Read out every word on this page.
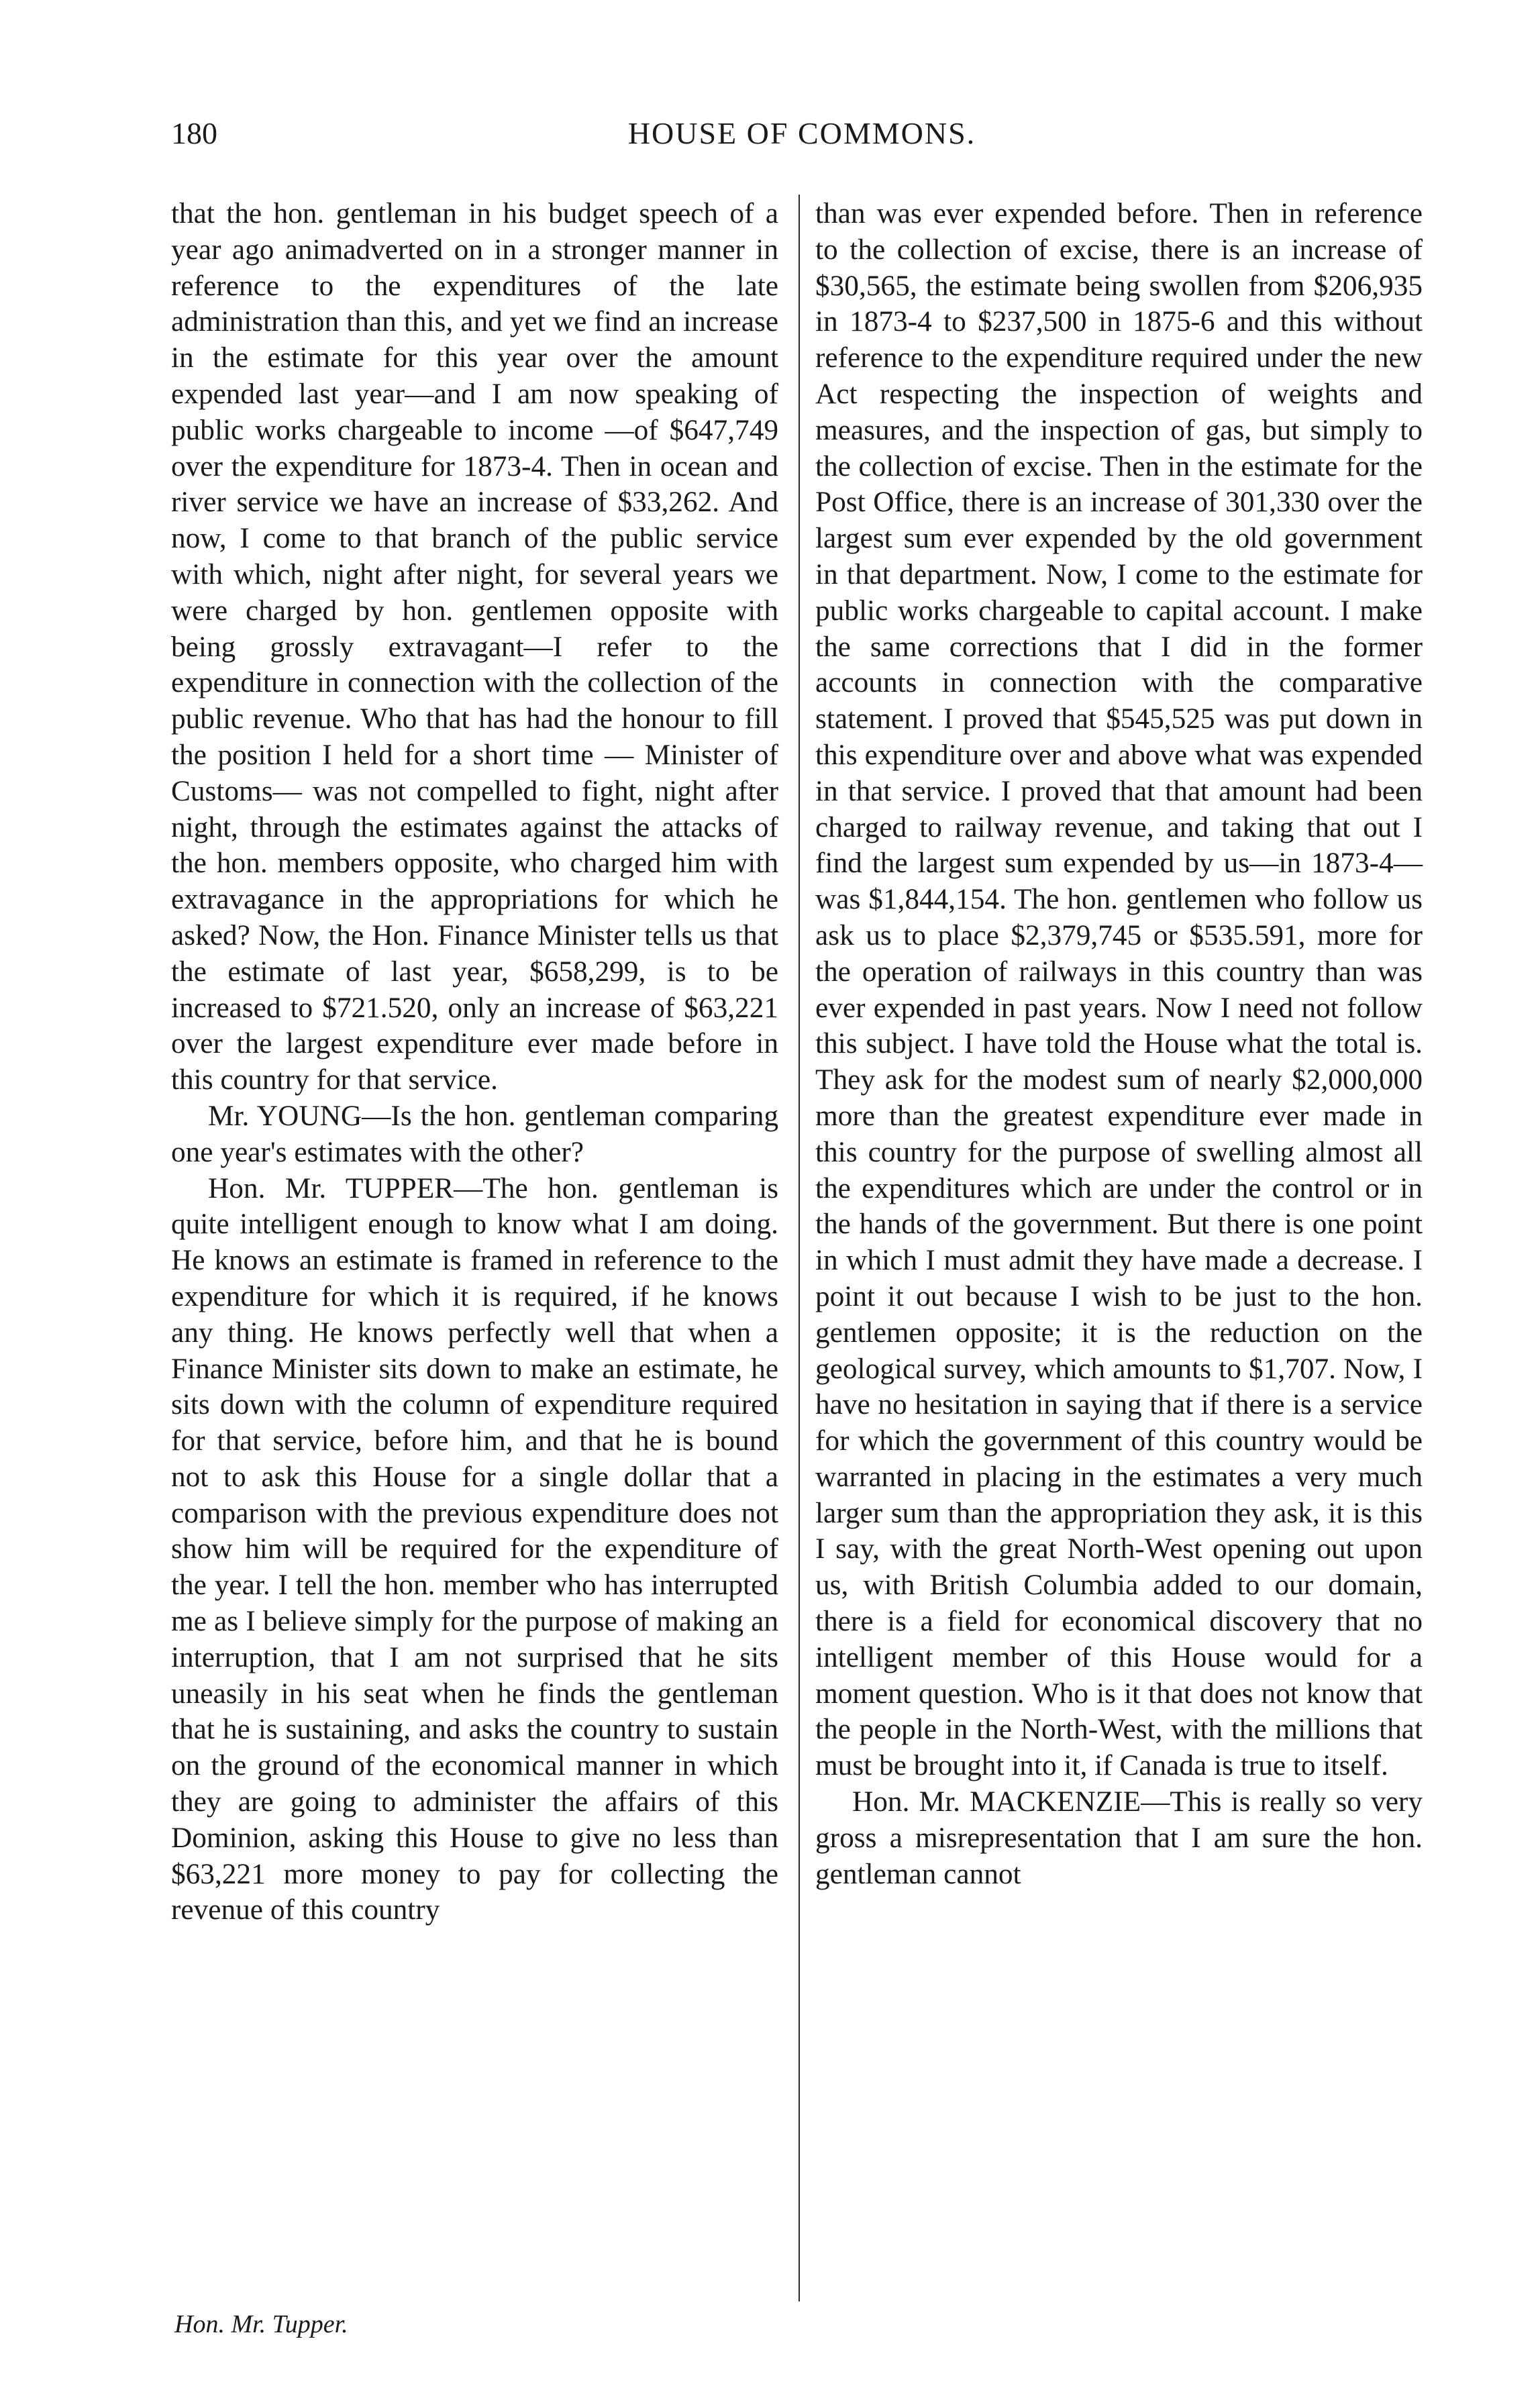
180	HOUSE OF COMMONS.

that the hon. gentleman in his budget speech of a year ago animadverted on in a stronger manner in reference to the expenditures of the late administration than this, and yet we find an increase in the estimate for this year over the amount expended last year—and I am now speaking of public works chargeable to income —of $647,749 over the expenditure for 1873-4. Then in ocean and river service we have an increase of $33,262. And now, I come to that branch of the public service with which, night after night, for several years we were charged by hon. gentlemen opposite with being grossly extravagant—I refer to the expenditure in connection with the collection of the public revenue. Who that has had the honour to fill the position I held for a short time — Minister of Customs— was not compelled to fight, night after night, through the estimates against the attacks of the hon. members opposite, who charged him with extravagance in the appropriations for which he asked? Now, the Hon. Finance Minister tells us that the estimate of last year, $658,299, is to be increased to $721.520, only an increase of $63,221 over the largest expenditure ever made before in this country for that service.

Mr. YOUNG—Is the hon. gentleman comparing one year's estimates with the other?

Hon. Mr. TUPPER—The hon. gentleman is quite intelligent enough to know what I am doing. He knows an estimate is framed in reference to the expenditure for which it is required, if he knows any thing. He knows perfectly well that when a Finance Minister sits down to make an estimate, he sits down with the column of expenditure required for that service, before him, and that he is bound not to ask this House for a single dollar that a comparison with the previous expenditure does not show him will be required for the expenditure of the year. I tell the hon. member who has interrupted me as I believe simply for the purpose of making an interruption, that I am not surprised that he sits uneasily in his seat when he finds the gentleman that he is sustaining, and asks the country to sustain on the ground of the economical manner in which they are going to administer the affairs of this Dominion, asking this House to give no less than $63,221 more money to pay for collecting the revenue of this country

than was ever expended before. Then in reference to the collection of excise, there is an increase of $30,565, the estimate being swollen from $206,935 in 1873-4 to $237,500 in 1875-6 and this without reference to the expenditure required under the new Act respecting the inspection of weights and measures, and the inspection of gas, but simply to the collection of excise. Then in the estimate for the Post Office, there is an increase of 301,330 over the largest sum ever expended by the old government in that department. Now, I come to the estimate for public works chargeable to capital account. I make the same corrections that I did in the former accounts in connection with the comparative statement. I proved that $545,525 was put down in this expenditure over and above what was expended in that service. I proved that that amount had been charged to railway revenue, and taking that out I find the largest sum expended by us—in 1873-4—was $1,844,154. The hon. gentlemen who follow us ask us to place $2,379,745 or $535.591, more for the operation of railways in this country than was ever expended in past years. Now I need not follow this subject. I have told the House what the total is. They ask for the modest sum of nearly $2,000,000 more than the greatest expenditure ever made in this country for the purpose of swelling almost all the expenditures which are under the control or in the hands of the government. But there is one point in which I must admit they have made a decrease. I point it out because I wish to be just to the hon. gentlemen opposite; it is the reduction on the geological survey, which amounts to $1,707. Now, I have no hesitation in saying that if there is a service for which the government of this country would be warranted in placing in the estimates a very much larger sum than the appropriation they ask, it is this I say, with the great North-West opening out upon us, with British Columbia added to our domain, there is a field for economical discovery that no intelligent member of this House would for a moment question. Who is it that does not know that the people in the North-West, with the millions that must be brought into it, if Canada is true to itself.

Hon. Mr. MACKENZIE—This is really so very gross a misrepresentation that I am sure the hon. gentleman cannot

Hon. Mr. Tupper.
